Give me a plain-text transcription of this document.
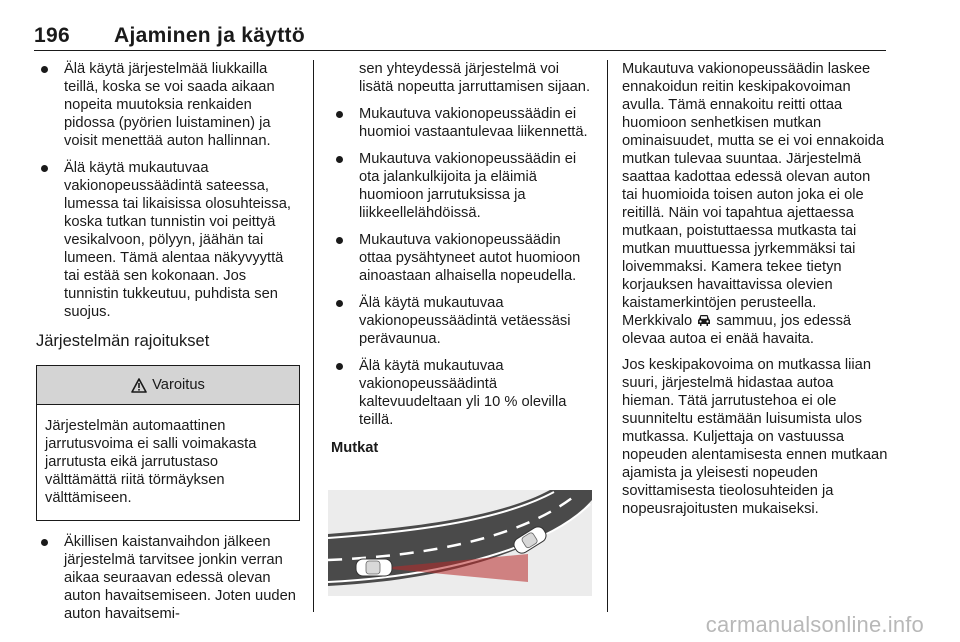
196 Ajaminen ja käyttö
Älä käytä järjestelmää liukkailla teillä, koska se voi saada aikaan nopeita muutoksia renkaiden pidossa (pyörien luistaminen) ja voisit menettää auton hallinnan.
Älä käytä mukautuvaa vakionopeussäädintä sateessa, lumessa tai likaisissa olosuhteissa, koska tutkan tunnistin voi peittyä vesikalvoon, pölyyn, jäähän tai lumeen. Tämä alentaa näkyvyyttä tai estää sen kokonaan. Jos tunnistin tukkeutuu, puhdista sen suojus.
Järjestelmän rajoitukset
Varoitus
Järjestelmän automaattinen jarrutusvoima ei salli voimakasta jarrutusta eikä jarrutustaso välttämättä riitä törmäyksen välttämiseen.
Äkillisen kaistanvaihdon jälkeen järjestelmä tarvitsee jonkin verran aikaa seuraavan edessä olevan auton havaitsemiseen. Joten uuden auton havaitsemi-
sen yhteydessä järjestelmä voi lisätä nopeutta jarruttamisen sijaan.
Mukautuva vakionopeussäädin ei huomioi vastaantulevaa liikennettä.
Mukautuva vakionopeussäädin ei ota jalankulkijoita ja eläimiä huomioon jarrutuksissa ja liikkeellelähdöissä.
Mukautuva vakionopeussäädin ottaa pysähtyneet autot huomioon ainoastaan alhaisella nopeudella.
Älä käytä mukautuvaa vakionopeussäädintä vetäessäsi perävaunua.
Älä käytä mukautuvaa vakionopeussäädintä kaltevuudeltaan yli 10 % olevilla teillä.
Mutkat

Mukautuva vakionopeussäädin laskee ennakoidun reitin keskipakovoiman avulla. Tämä ennakoitu reitti ottaa huomioon senhetkisen mutkan ominaisuudet, mutta se ei voi ennakoida mutkan tulevaa suuntaa. Järjestelmä saattaa kadottaa edessä olevan auton tai huomioida toisen auton joka ei ole reitillä. Näin voi tapahtua ajettaessa mutkaan, poistuttaessa mutkasta tai mutkan muuttuessa jyrkemmäksi tai loivemmaksi. Kamera tekee tietyn korjauksen havaittavissa olevien kaistamerkintöjen perusteella. Merkkivalo sammuu, jos edessä olevaa autoa ei enää havaita.

Jos keskipakovoima on mutkassa liian suuri, järjestelmä hidastaa autoa hieman. Tätä jarrutustehoa ei ole suunniteltu estämään luisumista ulos mutkassa. Kuljettaja on vastuussa nopeuden alentamisesta ennen mutkaan ajamista ja yleisesti nopeuden sovittamisesta tieolosuhteiden ja nopeusrajoitusten mukaiseksi.

carmanualsonline.info
